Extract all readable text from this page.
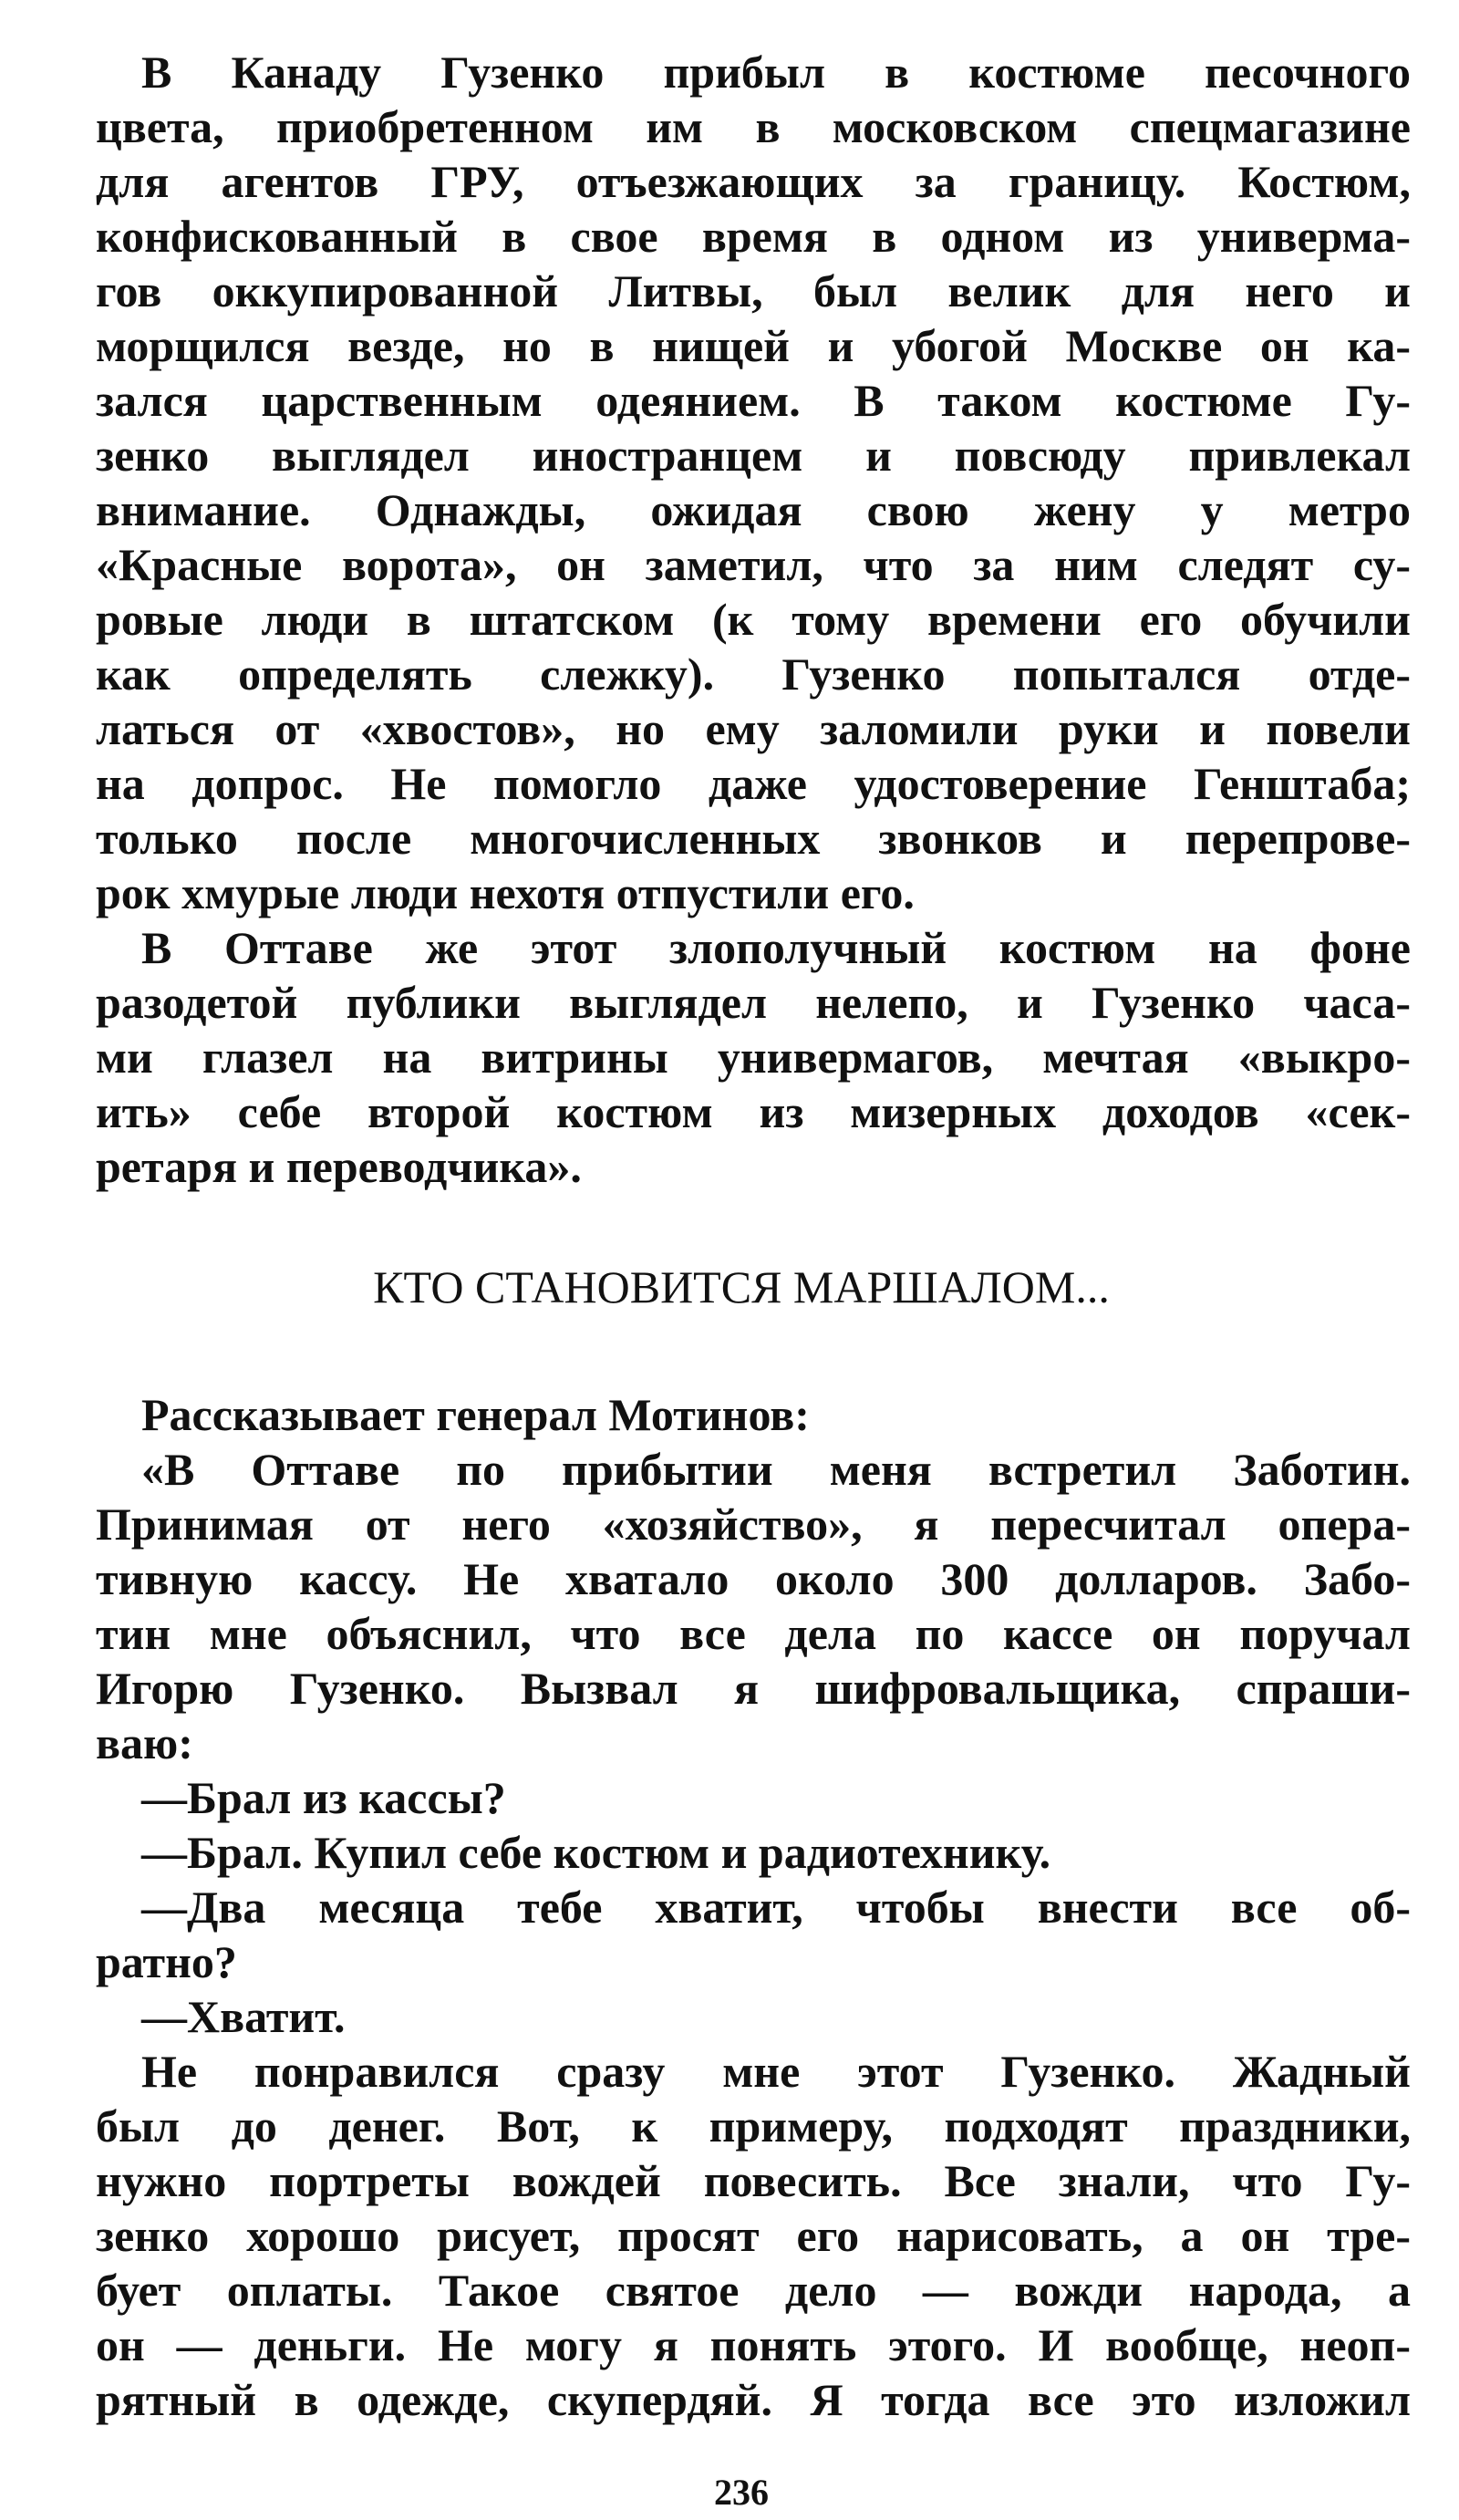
В Канаду Гузенко прибыл в костюме песочного
цвета, приобретенном им в московском спецмагазине
для агентов ГРУ, отъезжающих за границу. Костюм,
конфискованный в свое время в одном из универма-
гов оккупированной Литвы, был велик для него и
морщился везде, но в нищей и убогой Москве он ка-
зался царственным одеянием. В таком костюме Гу-
зенко выглядел иностранцем и повсюду привлекал
внимание. Однажды, ожидая свою жену у метро
«Красные ворота», он заметил, что за ним следят су-
ровые люди в штатском (к тому времени его обучили
как определять слежку). Гузенко попытался отде-
латься от «хвостов», но ему заломили руки и повели
на допрос. Не помогло даже удостоверение Генштаба;
только после многочисленных звонков и перепрове-
рок хмурые люди нехотя отпустили его.
В Оттаве же этот злополучный костюм на фоне
разодетой публики выглядел нелепо, и Гузенко часа-
ми глазел на витрины универмагов, мечтая «выкро-
ить» себе второй костюм из мизерных доходов «сек-
ретаря и переводчика».
КТО СТАНОВИТСЯ МАРШАЛОМ...
Рассказывает генерал Мотинов:
«В Оттаве по прибытии меня встретил Заботин.
Принимая от него «хозяйство», я пересчитал опера-
тивную кассу. Не хватало около 300 долларов. Забо-
тин мне объяснил, что все дела по кассе он поручал
Игорю Гузенко. Вызвал я шифровальщика, спраши-
ваю:
—Брал из кассы?
—Брал. Купил себе костюм и радиотехнику.
—Два месяца тебе хватит, чтобы внести все об-
ратно?
—Хватит.
Не понравился сразу мне этот Гузенко. Жадный
был до денег. Вот, к примеру, подходят праздники,
нужно портреты вождей повесить. Все знали, что Гу-
зенко хорошо рисует, просят его нарисовать, а он тре-
бует оплаты. Такое святое дело — вожди народа, а
он — деньги. Не могу я понять этого. И вообще, неоп-
рятный в одежде, скупердяй. Я тогда все это изложил
236
